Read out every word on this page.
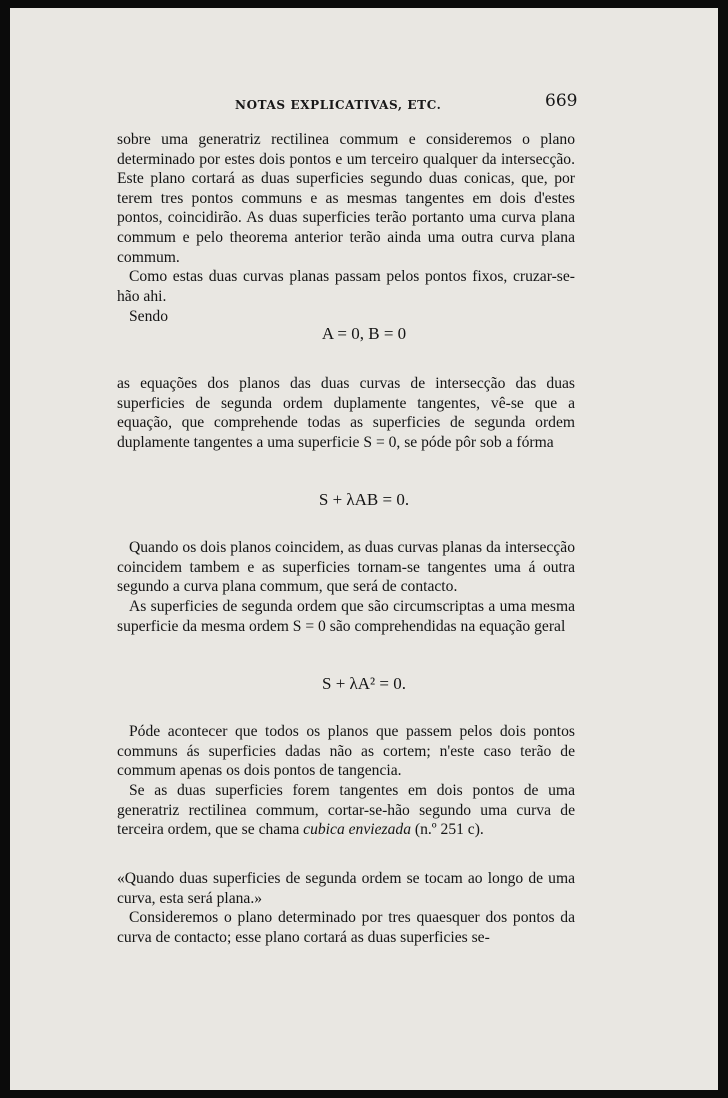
NOTAS EXPLICATIVAS, ETC.	669

sobre uma generatriz rectilinea commum e consideremos o plano determinado por estes dois pontos e um terceiro qualquer da intersecção. Este plano cortará as duas superficies segundo duas conicas, que, por terem tres pontos communs e as mesmas tangentes em dois d'estes pontos, coincidirão. As duas superficies terão portanto uma curva plana commum e pelo theorema anterior terão ainda uma outra curva plana commum.

Como estas duas curvas planas passam pelos pontos fixos, cruzar-se-hão ahi.

Sendo

A = 0, B = 0

as equações dos planos das duas curvas de intersecção das duas superficies de segunda ordem duplamente tangentes, vê-se que a equação, que comprehende todas as superficies de segunda ordem duplamente tangentes a uma superficie S = 0, se póde pôr sob a fórma

S + λAB = 0.

Quando os dois planos coincidem, as duas curvas planas da intersecção coincidem tambem e as superficies tornam-se tangentes uma á outra segundo a curva plana commum, que será de contacto.

As superficies de segunda ordem que são circumscriptas a uma mesma superficie da mesma ordem S = 0 são comprehendidas na equação geral

S + λA² = 0.

Póde acontecer que todos os planos que passem pelos dois pontos communs ás superficies dadas não as cortem; n'este caso terão de commum apenas os dois pontos de tangencia.

Se as duas superficies forem tangentes em dois pontos de uma generatriz rectilinea commum, cortar-se-hão segundo uma curva de terceira ordem, que se chama cubica enviezada (n.º 251 c).

«Quando duas superficies de segunda ordem se tocam ao longo de uma curva, esta será plana.»

Consideremos o plano determinado por tres quaesquer dos pontos da curva de contacto; esse plano cortará as duas superficies se-
